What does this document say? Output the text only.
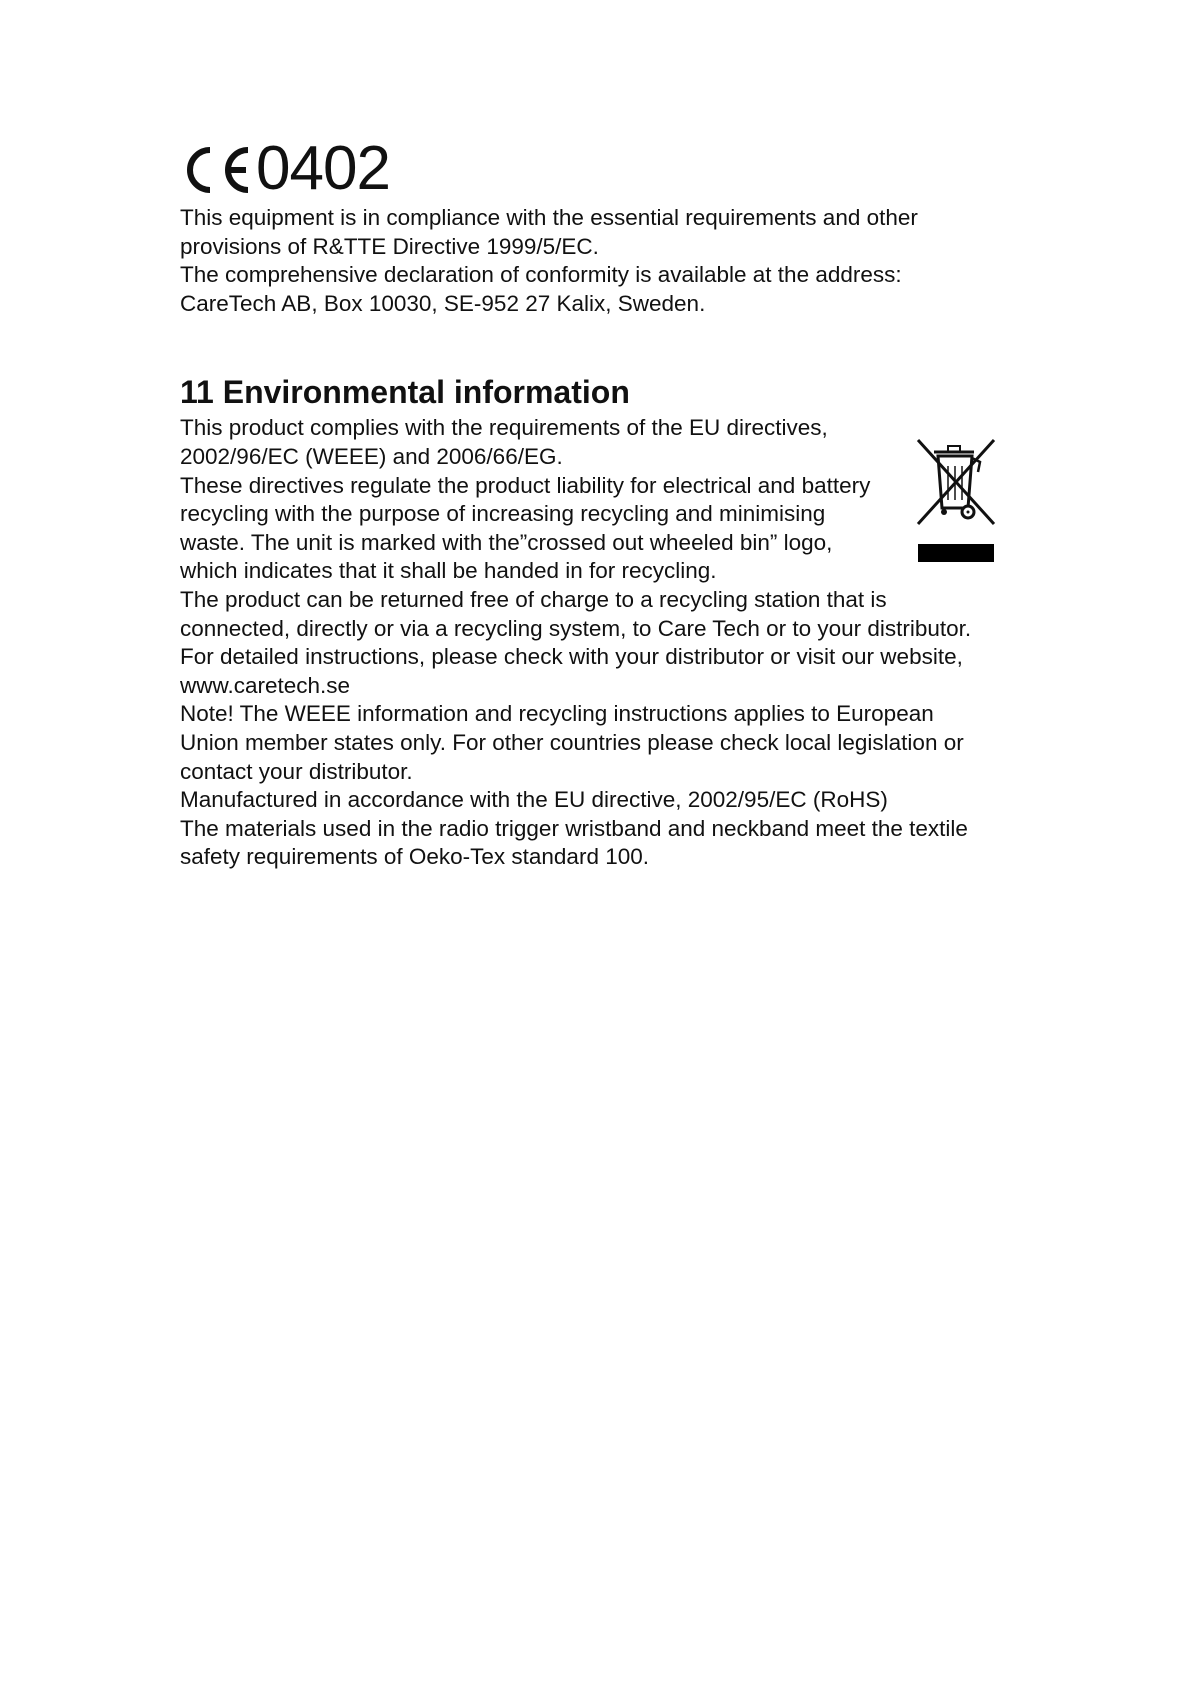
0402

This equipment is in compliance with the essential requirements and other

provisions of R&TTE Directive 1999/5/EC.

The comprehensive declaration of conformity is available at the address:

CareTech AB, Box 10030, SE-952 27 Kalix, Sweden.

11 Environmental information

This product complies with the requirements of the EU directives,

2002/96/EC (WEEE) and 2006/66/EG.

These directives regulate the product liability for electrical and battery

recycling with the purpose of increasing recycling and minimising

waste. The unit is marked with the”crossed out wheeled bin” logo,

which indicates that it shall be handed in for recycling.

The product can be returned free of charge to a recycling station that is

connected, directly or via a recycling system, to Care Tech or to your distributor.

For detailed instructions, please check with your distributor or visit our website,

www.caretech.se

Note! The WEEE information and recycling instructions applies to European

Union member states only. For other countries please check local legislation or

contact your distributor.

Manufactured in accordance with the EU directive, 2002/95/EC (RoHS)

The materials used in the radio trigger wristband and neckband meet the textile

safety requirements of Oeko-Tex standard 100.
